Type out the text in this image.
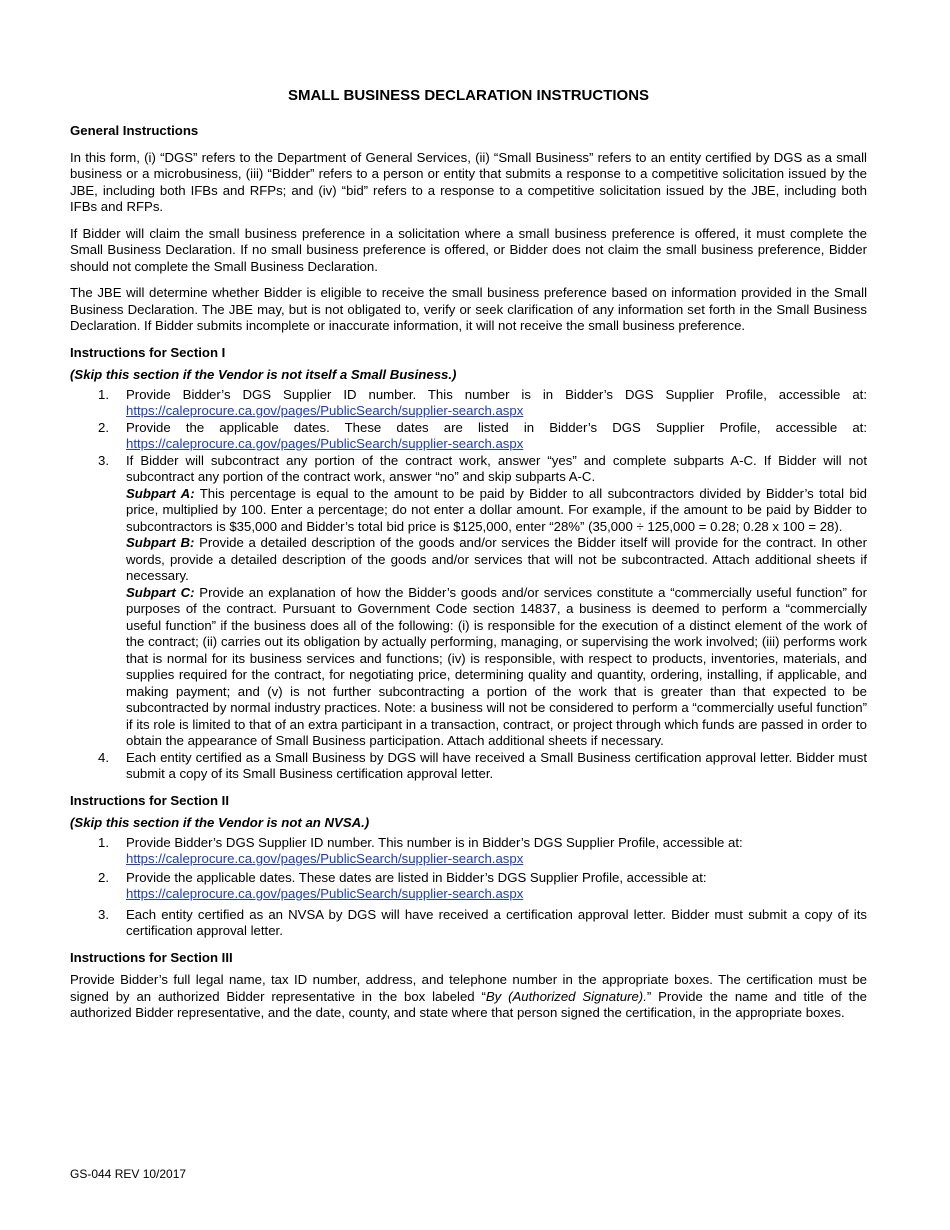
SMALL BUSINESS DECLARATION INSTRUCTIONS
General Instructions

In this form, (i) “DGS” refers to the Department of General Services, (ii) “Small Business” refers to an entity certified by DGS as a small business or a microbusiness, (iii) “Bidder” refers to a person or entity that submits a response to a competitive solicitation issued by the JBE, including both IFBs and RFPs; and (iv) “bid” refers to a response to a competitive solicitation issued by the JBE, including both IFBs and RFPs.

If Bidder will claim the small business preference in a solicitation where a small business preference is offered, it must complete the Small Business Declaration. If no small business preference is offered, or Bidder does not claim the small business preference, Bidder should not complete the Small Business Declaration.

The JBE will determine whether Bidder is eligible to receive the small business preference based on information provided in the Small Business Declaration. The JBE may, but is not obligated to, verify or seek clarification of any information set forth in the Small Business Declaration. If Bidder submits incomplete or inaccurate information, it will not receive the small business preference.

Instructions for Section I
(Skip this section if the Vendor is not itself a Small Business.)
1. Provide Bidder’s DGS Supplier ID number. This number is in Bidder’s DGS Supplier Profile, accessible at: https://caleprocure.ca.gov/pages/PublicSearch/supplier-search.aspx
2. Provide the applicable dates. These dates are listed in Bidder’s DGS Supplier Profile, accessible at: https://caleprocure.ca.gov/pages/PublicSearch/supplier-search.aspx
3. If Bidder will subcontract any portion of the contract work, answer “yes” and complete subparts A-C. If Bidder will not subcontract any portion of the contract work, answer “no” and skip subparts A-C.
Subpart A: This percentage is equal to the amount to be paid by Bidder to all subcontractors divided by Bidder’s total bid price, multiplied by 100. Enter a percentage; do not enter a dollar amount. For example, if the amount to be paid by Bidder to subcontractors is $35,000 and Bidder’s total bid price is $125,000, enter “28%” (35,000 ÷ 125,000 = 0.28; 0.28 x 100 = 28).
Subpart B: Provide a detailed description of the goods and/or services the Bidder itself will provide for the contract. In other words, provide a detailed description of the goods and/or services that will not be subcontracted. Attach additional sheets if necessary.
Subpart C: Provide an explanation of how the Bidder’s goods and/or services constitute a “commercially useful function” for purposes of the contract. Pursuant to Government Code section 14837, a business is deemed to perform a “commercially useful function” if the business does all of the following: (i) is responsible for the execution of a distinct element of the work of the contract; (ii) carries out its obligation by actually performing, managing, or supervising the work involved; (iii) performs work that is normal for its business services and functions; (iv) is responsible, with respect to products, inventories, materials, and supplies required for the contract, for negotiating price, determining quality and quantity, ordering, installing, if applicable, and making payment; and (v) is not further subcontracting a portion of the work that is greater than that expected to be subcontracted by normal industry practices. Note: a business will not be considered to perform a “commercially useful function” if its role is limited to that of an extra participant in a transaction, contract, or project through which funds are passed in order to obtain the appearance of Small Business participation. Attach additional sheets if necessary.
4. Each entity certified as a Small Business by DGS will have received a Small Business certification approval letter. Bidder must submit a copy of its Small Business certification approval letter.
Instructions for Section II
(Skip this section if the Vendor is not an NVSA.)
1. Provide Bidder’s DGS Supplier ID number. This number is in Bidder’s DGS Supplier Profile, accessible at:
https://caleprocure.ca.gov/pages/PublicSearch/supplier-search.aspx
2. Provide the applicable dates. These dates are listed in Bidder’s DGS Supplier Profile, accessible at:
https://caleprocure.ca.gov/pages/PublicSearch/supplier-search.aspx
3. Each entity certified as an NVSA by DGS will have received a certification approval letter. Bidder must submit a copy of its certification approval letter.
Instructions for Section III

Provide Bidder’s full legal name, tax ID number, address, and telephone number in the appropriate boxes. The certification must be signed by an authorized Bidder representative in the box labeled “By (Authorized Signature).” Provide the name and title of the authorized Bidder representative, and the date, county, and state where that person signed the certification, in the appropriate boxes.

GS-044 REV 10/2017
